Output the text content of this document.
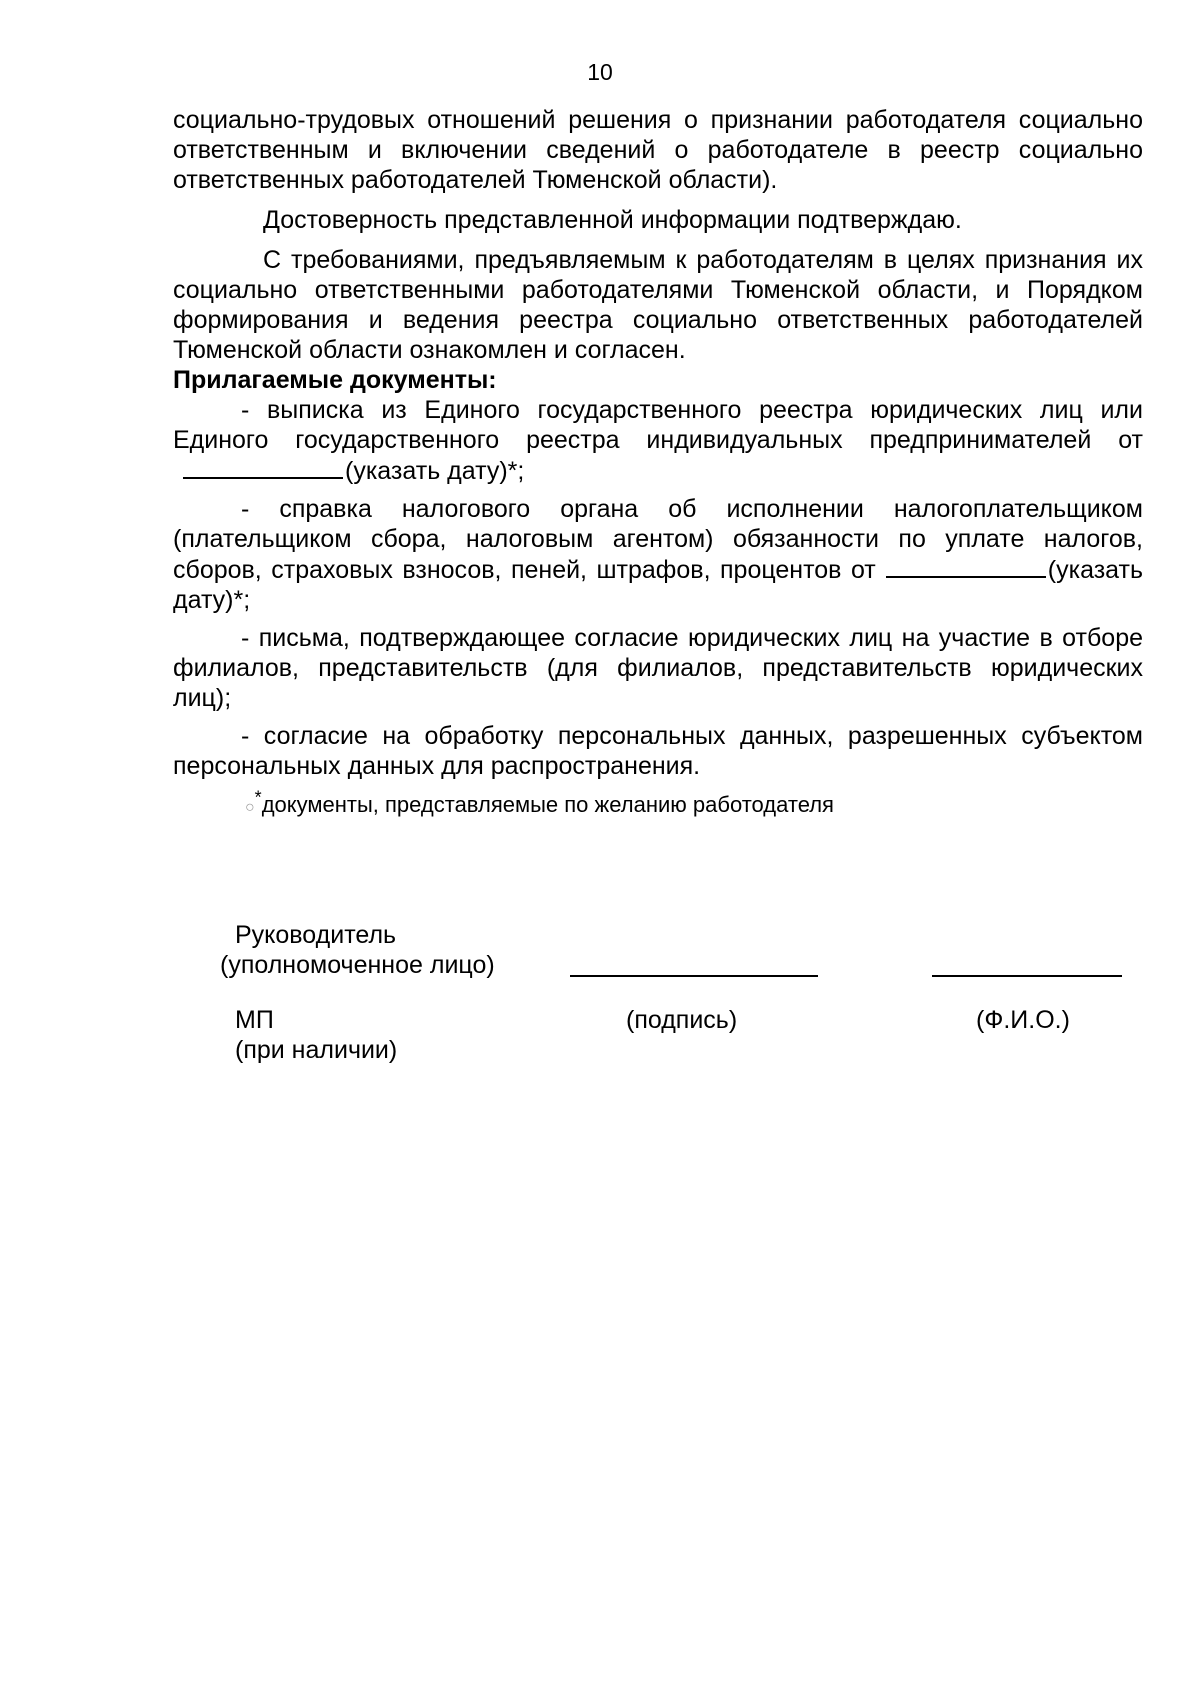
10

социально-трудовых отношений решения о признании работодателя социально ответственным и включении сведений о работодателе в реестр социально ответственных работодателей Тюменской области).

Достоверность представленной информации подтверждаю.

С требованиями, предъявляемым к работодателям в целях признания их социально ответственными работодателями Тюменской области, и Порядком формирования и ведения реестра социально ответственных работодателей Тюменской области ознакомлен и согласен.

Прилагаемые документы:

- выписка из Единого государственного реестра юридических лиц или Единого государственного реестра индивидуальных предпринимателей от(указать дату)*;

- справка налогового органа об исполнении налогоплательщиком (плательщиком сбора, налоговым агентом) обязанности по уплате налогов, сборов, страховых взносов, пеней, штрафов, процентов от	(указать дату)*;

- письма, подтверждающее согласие юридических лиц на участие в отборе филиалов, представительств (для филиалов, представительств юридических лиц);

- согласие на обработку персональных данных, разрешенных субъектом персональных данных для распространения.

○*документы, представляемые по желанию работодателя

Руководитель
(уполномоченное лицо)
МП
(при наличии)
(подпись)	(Ф.И.О.)
